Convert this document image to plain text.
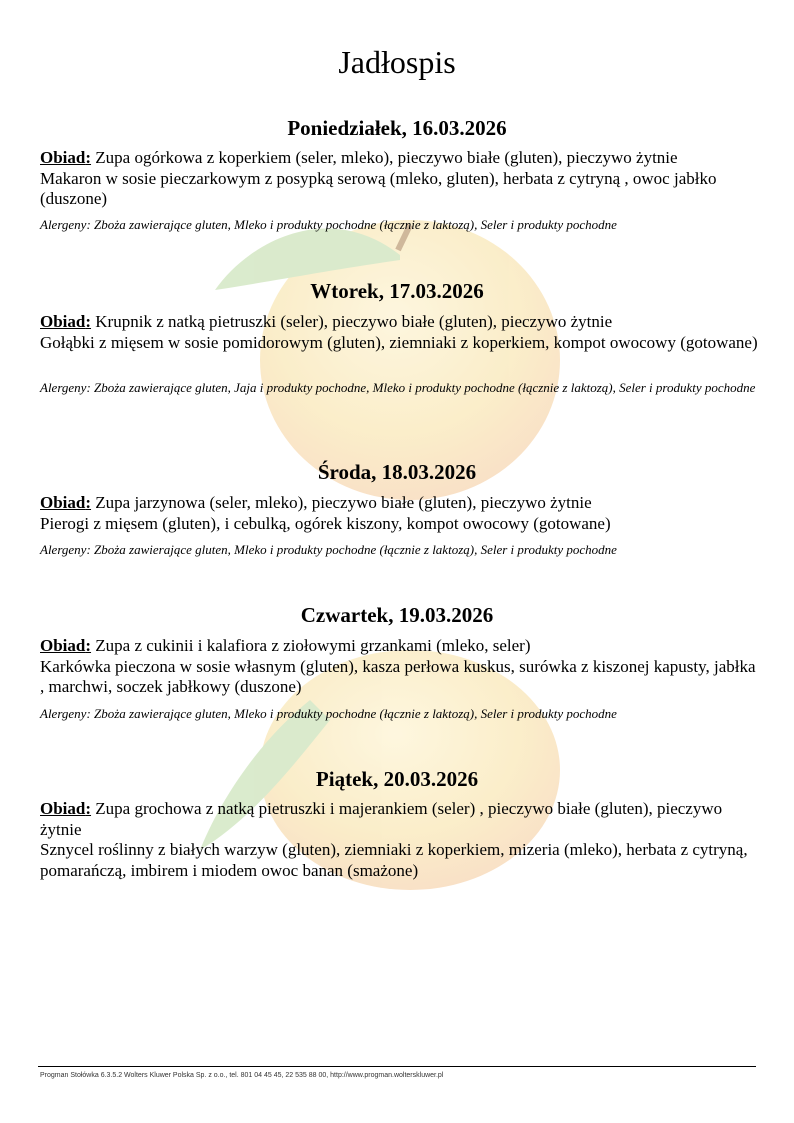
Jadłospis
Poniedziałek, 16.03.2026
Obiad: Zupa ogórkowa z koperkiem (seler, mleko), pieczywo białe (gluten), pieczywo żytnie
Makaron w sosie pieczarkowym z posypką serową (mleko, gluten), herbata z cytryną , owoc jabłko (duszone)
Alergeny: Zboża zawierające gluten, Mleko i produkty pochodne (łącznie z laktozą), Seler i produkty pochodne
Wtorek, 17.03.2026
Obiad: Krupnik z natką pietruszki (seler), pieczywo białe (gluten), pieczywo żytnie
Gołąbki z mięsem w sosie pomidorowym (gluten), ziemniaki z koperkiem, kompot owocowy (gotowane)
Alergeny: Zboża zawierające gluten, Jaja i produkty pochodne, Mleko i produkty pochodne (łącznie z laktozą), Seler i produkty pochodne
Środa, 18.03.2026
Obiad: Zupa jarzynowa (seler, mleko), pieczywo białe (gluten), pieczywo żytnie
Pierogi z mięsem (gluten), i cebulką, ogórek kiszony, kompot owocowy (gotowane)
Alergeny: Zboża zawierające gluten, Mleko i produkty pochodne (łącznie z laktozą), Seler i produkty pochodne
Czwartek, 19.03.2026
Obiad: Zupa z cukinii i kalafiora z ziołowymi grzankami (mleko, seler)
Karkówka pieczona w sosie własnym (gluten), kasza perłowa kuskus, surówka z kiszonej kapusty, jabłka , marchwi, soczek jabłkowy (duszone)
Alergeny: Zboża zawierające gluten, Mleko i produkty pochodne (łącznie z laktozą), Seler i produkty pochodne
Piątek, 20.03.2026
Obiad: Zupa grochowa z natką pietruszki i majerankiem (seler) , pieczywo białe (gluten), pieczywo żytnie
Sznycel roślinny z białych warzyw (gluten), ziemniaki z koperkiem, mizeria (mleko), herbata z cytryną, pomarańczą, imbirem i miodem owoc banan (smażone)
Progman Stołówka 6.3.5.2 Wolters Kluwer Polska Sp. z o.o., tel. 801 04 45 45, 22 535 88 00, http://www.progman.wolterskluwer.pl
